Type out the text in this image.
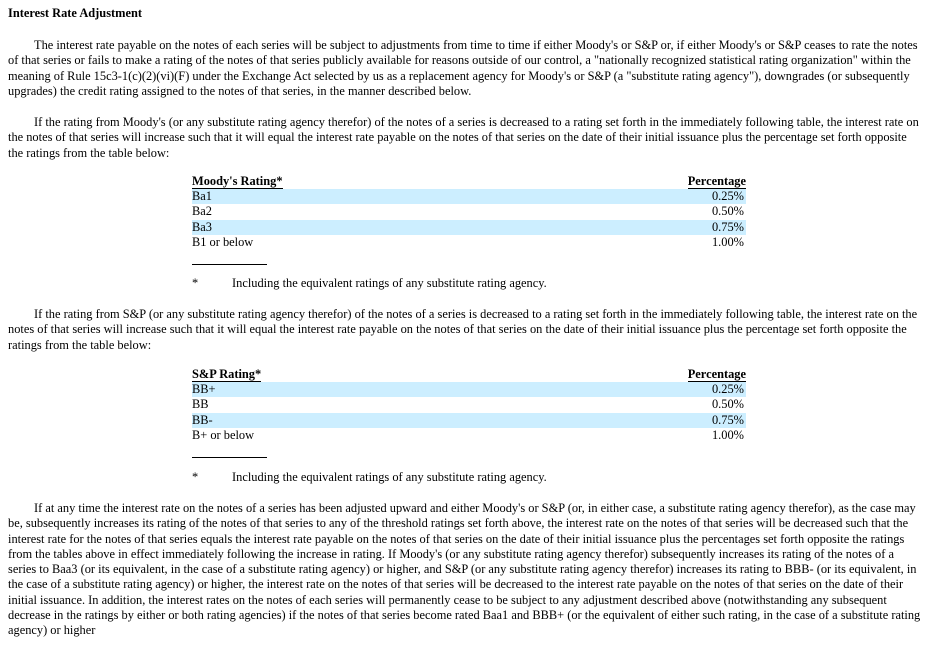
Interest Rate Adjustment
The interest rate payable on the notes of each series will be subject to adjustments from time to time if either Moody's or S&P or, if either Moody's or S&P ceases to rate the notes of that series or fails to make a rating of the notes of that series publicly available for reasons outside of our control, a "nationally recognized statistical rating organization" within the meaning of Rule 15c3-1(c)(2)(vi)(F) under the Exchange Act selected by us as a replacement agency for Moody's or S&P (a "substitute rating agency"), downgrades (or subsequently upgrades) the credit rating assigned to the notes of that series, in the manner described below.
If the rating from Moody's (or any substitute rating agency therefor) of the notes of a series is decreased to a rating set forth in the immediately following table, the interest rate on the notes of that series will increase such that it will equal the interest rate payable on the notes of that series on the date of their initial issuance plus the percentage set forth opposite the ratings from the table below:
Moody's Rating*	Percentage
Ba1	0.25%
Ba2	0.50%
Ba3	0.75%
B1 or below	1.00%
*	Including the equivalent ratings of any substitute rating agency.
If the rating from S&P (or any substitute rating agency therefor) of the notes of a series is decreased to a rating set forth in the immediately following table, the interest rate on the notes of that series will increase such that it will equal the interest rate payable on the notes of that series on the date of their initial issuance plus the percentage set forth opposite the ratings from the table below:
S&P Rating*	Percentage
BB+	0.25%
BB	0.50%
BB-	0.75%
B+ or below	1.00%
*	Including the equivalent ratings of any substitute rating agency.
If at any time the interest rate on the notes of a series has been adjusted upward and either Moody's or S&P (or, in either case, a substitute rating agency therefor), as the case may be, subsequently increases its rating of the notes of that series to any of the threshold ratings set forth above, the interest rate on the notes of that series will be decreased such that the interest rate for the notes of that series equals the interest rate payable on the notes of that series on the date of their initial issuance plus the percentages set forth opposite the ratings from the tables above in effect immediately following the increase in rating. If Moody's (or any substitute rating agency therefor) subsequently increases its rating of the notes of a series to Baa3 (or its equivalent, in the case of a substitute rating agency) or higher, and S&P (or any substitute rating agency therefor) increases its rating to BBB- (or its equivalent, in the case of a substitute rating agency) or higher, the interest rate on the notes of that series will be decreased to the interest rate payable on the notes of that series on the date of their initial issuance. In addition, the interest rates on the notes of each series will permanently cease to be subject to any adjustment described above (notwithstanding any subsequent decrease in the ratings by either or both rating agencies) if the notes of that series become rated Baa1 and BBB+ (or the equivalent of either such rating, in the case of a substitute rating agency) or higher
